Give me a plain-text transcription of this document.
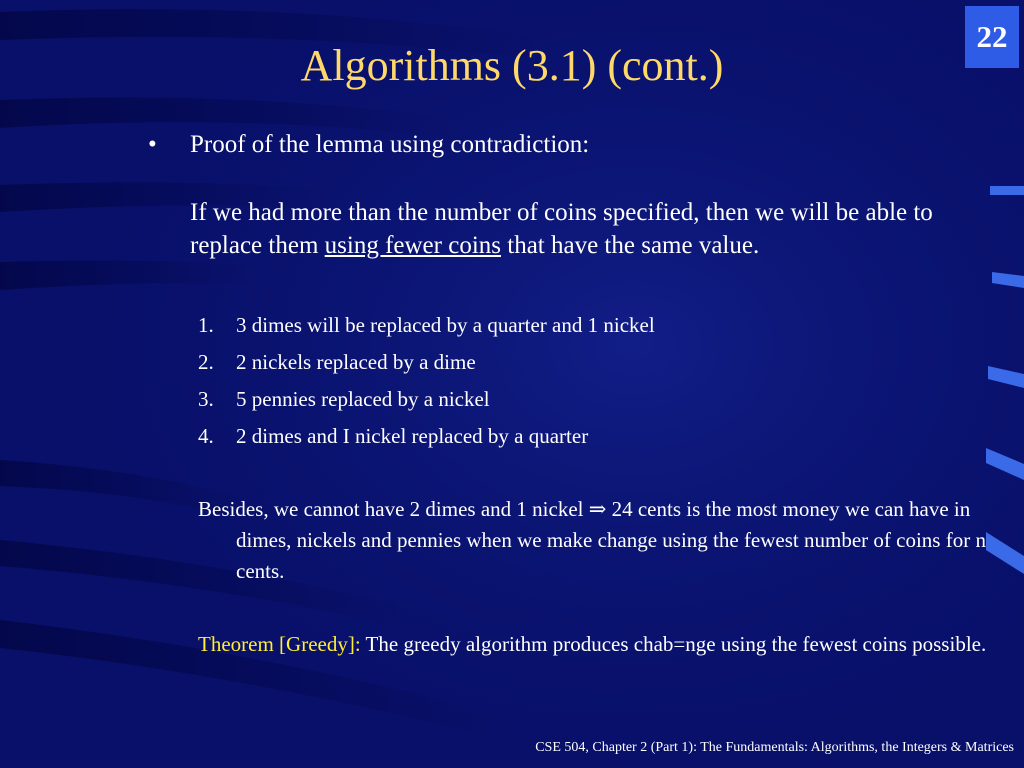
22
Algorithms (3.1) (cont.)
• Proof of the lemma using contradiction:
If we had more than the number of coins specified, then we will be able to replace them using fewer coins that have the same value.
1. 3 dimes will be replaced by a quarter and 1 nickel
2. 2 nickels replaced by a dime
3. 5 pennies replaced by a nickel
4. 2 dimes and I nickel replaced by a quarter
Besides, we cannot have 2 dimes and 1 nickel ⇒ 24 cents is the most money we can have in dimes, nickels and pennies when we make change using the fewest number of coins for n cents.
Theorem [Greedy]: The greedy algorithm produces chab=nge using the fewest coins possible.
CSE 504, Chapter 2 (Part 1): The Fundamentals: Algorithms, the Integers & Matrices
